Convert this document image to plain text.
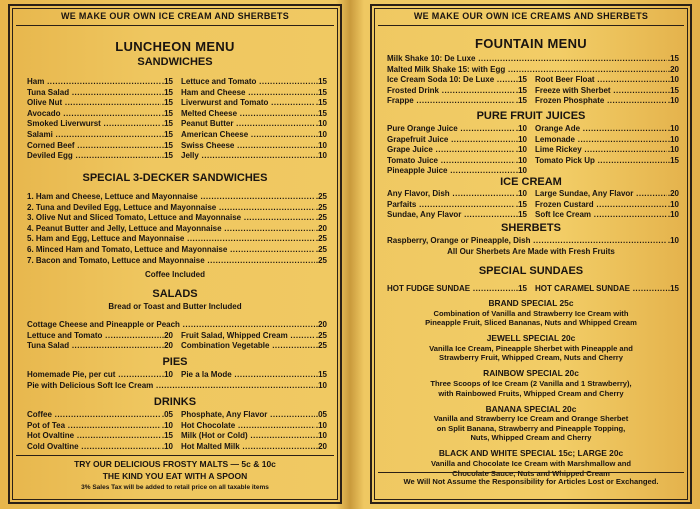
WE MAKE OUR OWN ICE CREAM AND SHERBETS
LUNCHEON MENU
SANDWICHES
Ham .....	.15
Tuna Salad .....	.15
Olive Nut .....	.15
Avocado .....	.15
Smoked Liverwurst .....	.15
Salami .....	.15
Corned Beef .....	.15
Deviled Egg .....	.15
Lettuce and Tomato .....	.15
Ham and Cheese .....	.15
Liverwurst and Tomato .....	.15
Melted Cheese .....	.15
Peanut Butter .....	.10
American Cheese .....	.10
Swiss Cheese .....	.10
Jelly .....	.10
SPECIAL 3-DECKER SANDWICHES
1. Ham and Cheese, Lettuce and Mayonnaise .....	.25
2. Tuna and Deviled Egg, Lettuce and Mayonnaise .....	.25
3. Olive Nut and Sliced Tomato, Lettuce and Mayonnaise .....	.25
4. Peanut Butter and Jelly, Lettuce and Mayonnaise .....	.20
5. Ham and Egg, Lettuce and Mayonnaise .....	.25
6. Minced Ham and Tomato, Lettuce and Mayonnaise .....	.25
7. Bacon and Tomato, Lettuce and Mayonnaise .....	.25
Coffee Included
SALADS
Bread or Toast and Butter Included
Cottage Cheese and Pineapple or Peach .....	.20
Lettuce and Tomato .....	.20
Tuna Salad .....	.20
Fruit Salad, Whipped Cream .....	.25
Combination Vegetable .....	.25
PIES
Homemade Pie, per cut .....	.10 Pie a la Mode .....	.15
Pie with Delicious Soft Ice Cream .....	.10
DRINKS
Coffee .....	.05
Pot of Tea .....	.10
Hot Ovaltine .....	.15
Cold Ovaltine .....	.10
Phosphate, Any Flavor .....	.05
Hot Chocolate .....	.10
Milk (Hot or Cold) .....	.10
Hot Malted Milk .....	.20
TRY OUR DELICIOUS FROSTY MALTS — 5c & 10c
THE KIND YOU EAT WITH A SPOON
3% Sales Tax will be added to retail price on all taxable items
WE MAKE OUR OWN ICE CREAMS AND SHERBETS
FOUNTAIN MENU
Milk Shake 10: De Luxe .....	.15
Malted Milk Shake 15: with Egg .....	.20
Ice Cream Soda 10: De Luxe .....	.15
Frosted Drink .....	.15
Frappe .....	.15
Root Beer Float .....	.10
Freeze with Sherbet .....	.15
Frozen Phosphate .....	.10
PURE FRUIT JUICES
Pure Orange Juice .....	.10
Grapefruit Juice .....	.10
Grape Juice .....	.10
Tomato Juice .....	.10
Pineapple Juice .....	.10
Orange Ade .....	.10
Lemonade .....	.10
Lime Rickey .....	.10
Tomato Pick Up .....	.15
ICE CREAM
Any Flavor, Dish .....	.10
Parfaits .....	.15
Sundae, Any Flavor .....	.15
Large Sundae, Any Flavor .....	.20
Frozen Custard .....	.10
Soft Ice Cream .....	.10
SHERBETS
Raspberry, Orange or Pineapple, Dish .....	.10
All Our Sherbets Are Made with Fresh Fruits
SPECIAL SUNDAES
HOT FUDGE SUNDAE .....	.15 HOT CARAMEL SUNDAE .....	.15
BRAND SPECIAL 25c
Combination of Vanilla and Strawberry Ice Cream with
Pineapple Fruit, Sliced Bananas, Nuts and Whipped Cream
JEWELL SPECIAL 20c
Vanilla Ice Cream, Pineapple Sherbet with Pineapple and
Strawberry Fruit, Whipped Cream, Nuts and Cherry
RAINBOW SPECIAL 20c
Three Scoops of Ice Cream (2 Vanilla and 1 Strawberry),
with Rainbowed Fruits, Whipped Cream and Cherry
BANANA SPECIAL 20c
Vanilla and Strawberry Ice Cream and Orange Sherbet
on Split Banana, Strawberry and Pineapple Topping,
Nuts, Whipped Cream and Cherry
BLACK AND WHITE SPECIAL 15c; LARGE 20c
Vanilla and Chocolate Ice Cream with Marshmallow and
Chocolate Sauce, Nuts and Whipped Cream
We Will Not Assume the Responsibility for Articles Lost or Exchanged.
